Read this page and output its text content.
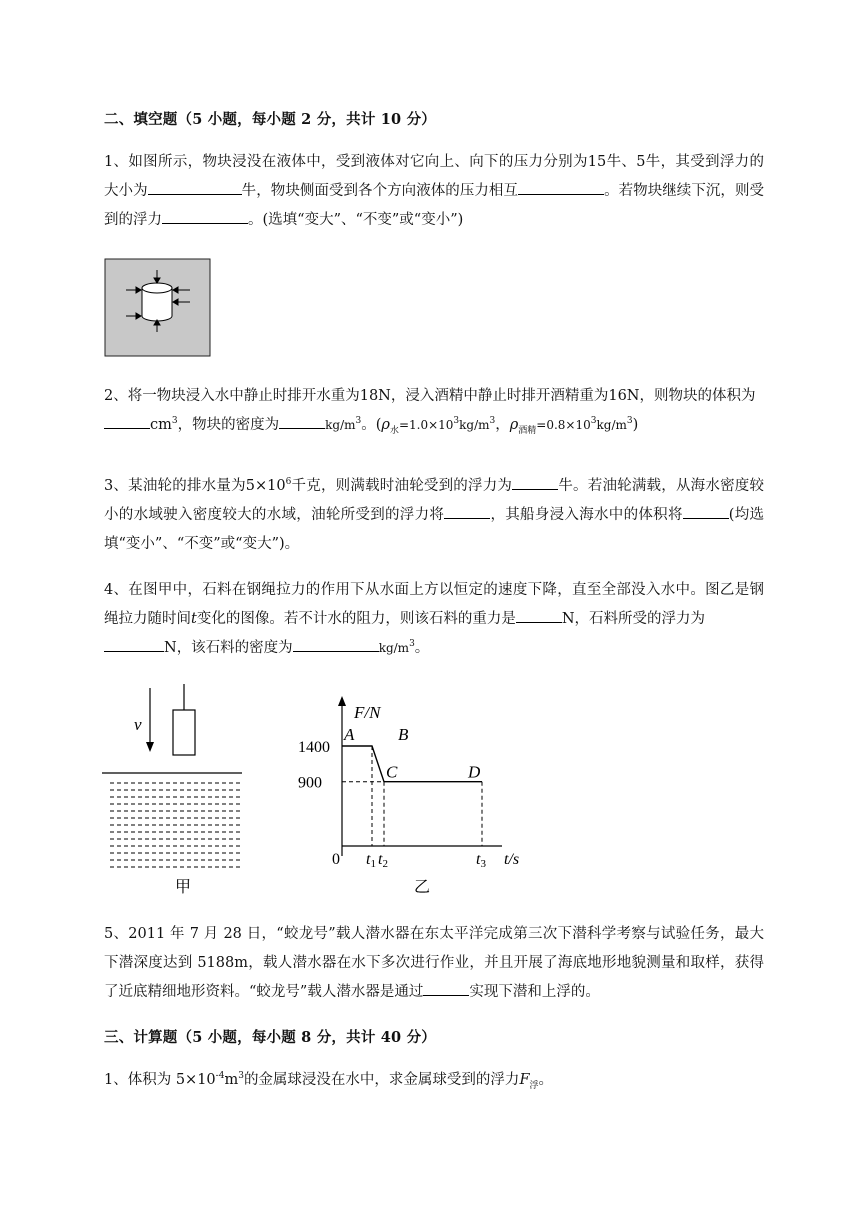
二、填空题（5 小题，每小题 2 分，共计 10 分）
1、如图所示，物块浸没在液体中，受到液体对它向上、向下的压力分别为15牛、5牛，其受到浮力的大小为	牛，物块侧面受到各个方向液体的压力相互	。若物块继续下沉，则受到的浮力	。(选填“变大”、“不变”或“变小”)
2、将一物块浸入水中静止时排开水重为18N，浸入酒精中静止时排开酒精重为16N，则物块的体积为
$cm^3$，物块的密度为	$kg/m^3$。($\rho_水=1.0\times 10^3kg/m^3$，$\rho_{酒精}=0.8\times 10^3kg/m^3$)
3、某油轮的排水量为$5\times 10^6$千克，则满载时油轮受到的浮力为	牛。若油轮满载，从海水密度较小的水域驶入密度较大的水域，油轮所受到的浮力将	，其船身浸入海水中的体积将	(均选填“变小”、“不变”或“变大”)。
4、在图甲中，石料在钢绳拉力的作用下从水面上方以恒定的速度下降，直至全部没入水中。图乙是钢绳拉力随时间t变化的图像。若不计水的阻力，则该石料的重力是	N，石料所受的浮力为
N，该石料的密度为	$kg/m^3$。
v
甲
F/N
0	t/s
1400
900
t1 t2	t3
A	B
C	D
乙
5、2011 年 7 月 28 日，“蛟龙号”载人潜水器在东太平洋完成第三次下潜科学考察与试验任务，最大下潜深度达到 5188m，载人潜水器在水下多次进行作业，并且开展了海底地形地貌测量和取样，获得了近底精细地形资料。“蛟龙号”载人潜水器是通过	实现下潜和上浮的。
三、计算题（5 小题，每小题 8 分，共计 40 分）
1、体积为 $5\times 10^{-4}m^3$的金属球浸没在水中，求金属球受到的浮力$F_浮$。
